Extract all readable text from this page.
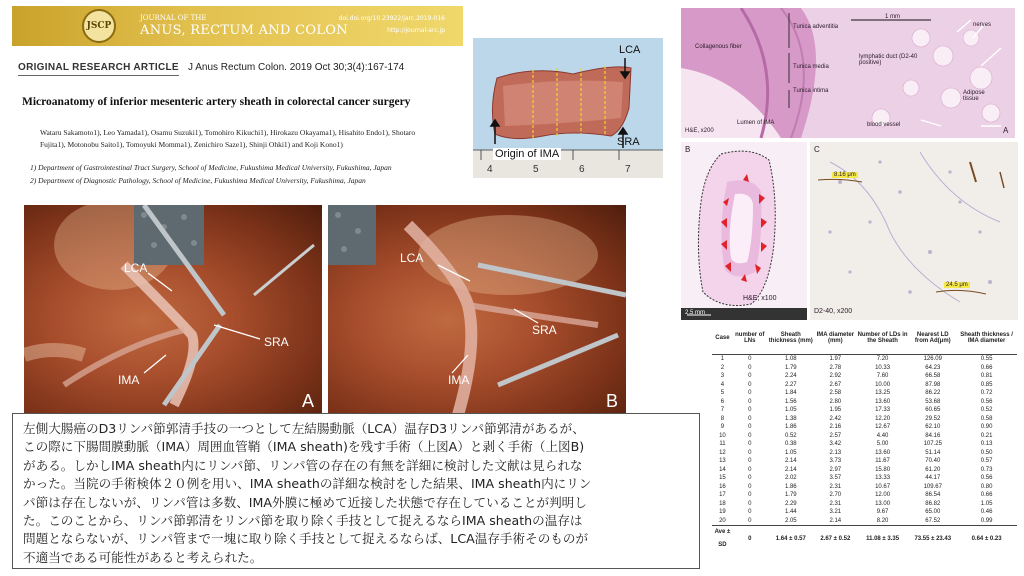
JSCP
JOURNAL OF THE
ANUS, RECTUM AND COLON
doi.doi.org/10.23922/jarc.2019-016
http://journal-arc.jp
ORIGINAL RESEARCH ARTICLE J Anus Rectum Colon. 2019 Oct 30;3(4):167-174
Microanatomy of inferior mesenteric artery sheath in colorectal cancer surgery
Wataru Sakamoto1), Leo Yamada1), Osamu Suzuki1), Tomohiro Kikuchi1), Hirokazu Okayama1), Hisahito Endo1), Shotaro Fujita1), Motonobu Saito1), Tomoyuki Momma1), Zenichiro Saze1), Shinji Ohki1) and Koji Kono1)
1) Department of Gastrointestinal Tract Surgery, School of Medicine, Fukushima Medical University, Fukushima, Japan
2) Department of Diagnostic Pathology, School of Medicine, Fukushima Medical University, Fukushima, Japan
4	5	6	7
LCA
SRA
Origin of IMA
Tunica adventitia
Collagenous fiber
Tunica media
lymphatic duct (D2-40 positive)
Tunica intima	Adipose tissue
nerves
Lumen of IMA	blood vessel
H&E, x200	A
1 mm
B
H&E, x100
2.5 mm
C
8.16 μm
24.5 μm
D2-40, x200
LCA
SRA
IMA
A
LCA
SRA
IMA
B
左側大腸癌のD3リンパ節郭清手技の一つとして左結腸動脈（LCA）温存D3リンパ節郭清があるが、
この際に下腸間膜動脈（IMA）周囲血管鞘（IMA sheath)を残す手術（上図A）と剥く手術（上図B)
がある。しかしIMA sheath内にリンパ節、リンパ管の存在の有無を詳細に検討した文献は見られな
かった。当院の手術検体２０例を用い、IMA sheathの詳細な検討をした結果、IMA sheath内にリン
パ節は存在しないが、リンパ管は多数、IMA外膜に極めて近接した状態で存在していることが判明し
た。このことから、リンパ節郭清をリンパ節を取り除く手技として捉えるならIMA sheathの温存は
問題とならないが、リンパ管まで一塊に取り除く手技として捉えるならば、LCA温存手術そのものが
不適当である可能性があると考えられた。
Case	number of LNs	Sheath thickness (mm)	IMA diameter (mm)	Number of LDs in the Sheath	Nearest LD from Ad(μm)	Sheath thickness / IMA diameter
1	0	1.08	1.97	7.20	126.09	0.55
2	0	1.79	2.78	10.33	64.23	0.66
3	0	2.24	2.92	7.60	66.58	0.81
4	0	2.27	2.67	10.00	87.98	0.85
5	0	1.84	2.58	13.25	86.22	0.72
6	0	1.56	2.80	13.60	53.68	0.56
7	0	1.05	1.95	17.33	60.65	0.52
8	0	1.38	2.42	12.20	29.52	0.58
9	0	1.86	2.16	12.67	62.10	0.90
10	0	0.52	2.57	4.40	84.16	0.21
11	0	0.38	3.42	5.00	107.25	0.13
12	0	1.05	2.13	13.60	51.14	0.50
13	0	2.14	3.73	11.67	70.40	0.57
14	0	2.14	2.97	15.80	61.20	0.73
15	0	2.02	3.57	13.33	44.17	0.56
16	0	1.86	2.31	10.67	109.67	0.80
17	0	1.79	2.70	12.00	86.54	0.66
18	0	2.29	2.31	13.00	86.82	1.05
19	0	1.44	3.21	9.67	65.00	0.46
20	0	2.05	2.14	8.20	67.52	0.99
Ave ± SD	0	1.64 ± 0.57	2.67 ± 0.52	11.08 ± 3.35	73.55 ± 23.43	0.64 ± 0.23
